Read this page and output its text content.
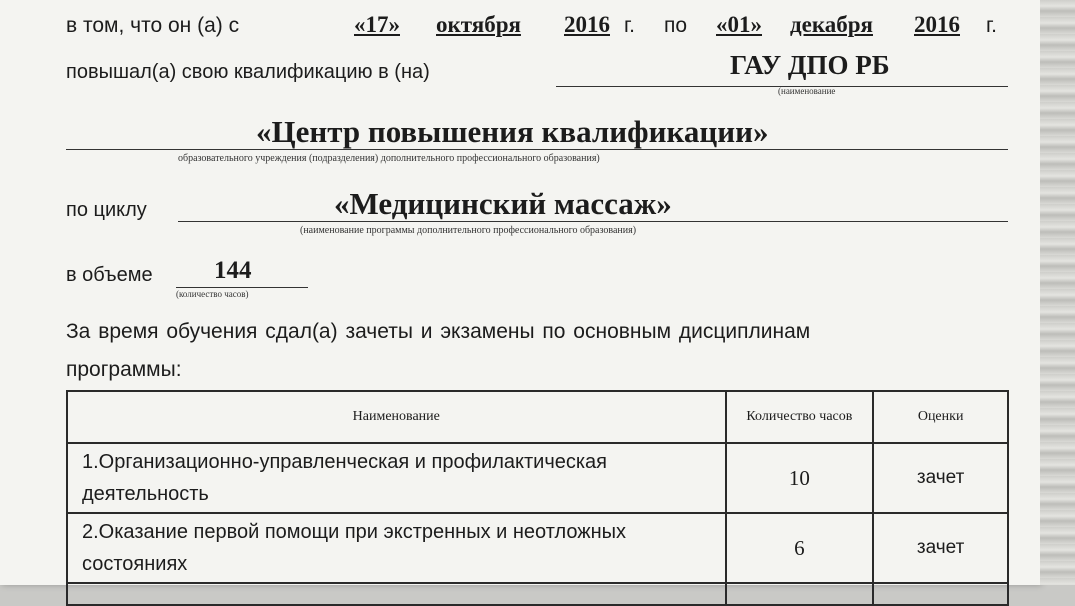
в том, что он (а) с	«17» октября 2016 г. по «01» декабря 2016 г.
повышал(а) свою квалификацию в (на)	ГАУ ДПО РБ
(наименование
«Центр повышения квалификации»
образовательного учреждения (подразделения) дополнительного профессионального образования)
по циклу	«Медицинский массаж»
(наименование программы дополнительного профессионального образования)
в объеме 144
(количество часов)
За время обучения сдал(а) зачеты и экзамены по основным дисциплинам
программы:
Наименование	Количество часов	Оценки
1.Организационно-управленческая и профилактическая деятельность	10	зачет
2.Оказание первой помощи при экстренных и неотложных состояниях	6	зачет
